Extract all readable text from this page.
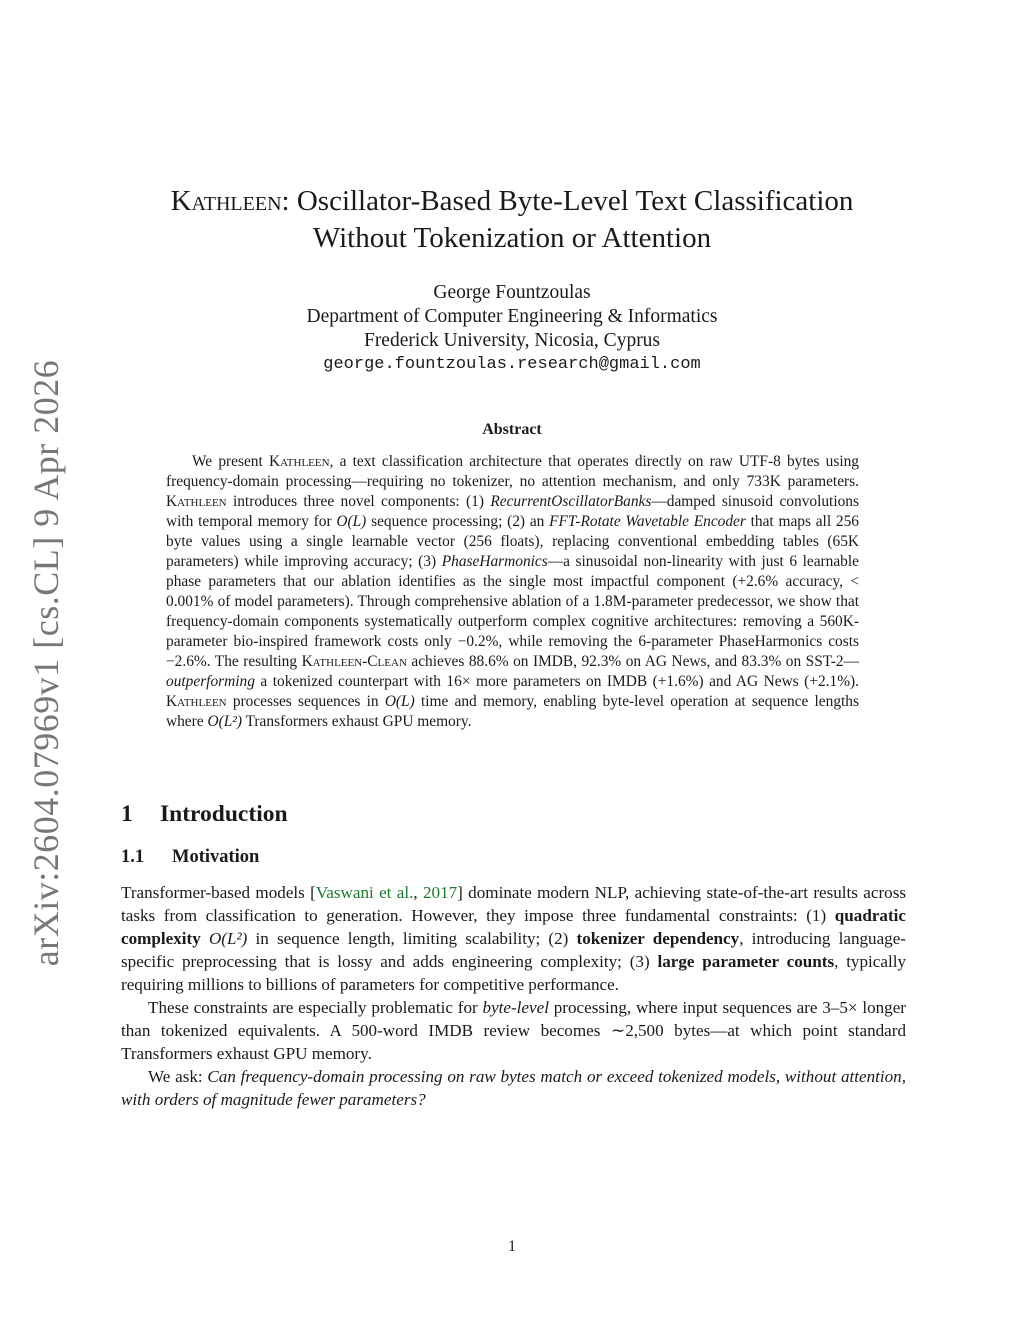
arXiv:2604.07969v1 [cs.CL] 9 Apr 2026
Kathleen: Oscillator-Based Byte-Level Text Classification
Without Tokenization or Attention
George Fountzoulas
Department of Computer Engineering & Informatics
Frederick University, Nicosia, Cyprus
george.fountzoulas.research@gmail.com
Abstract

We present Kathleen, a text classification architecture that operates directly on raw UTF-8 bytes using frequency-domain processing—requiring no tokenizer, no attention mechanism, and only 733K parameters. Kathleen introduces three novel components: (1) RecurrentOscillatorBanks—damped sinusoid convolutions with temporal memory for O(L) sequence processing; (2) an FFT-Rotate Wavetable Encoder that maps all 256 byte values using a single learnable vector (256 floats), replacing conventional embedding tables (65K parameters) while improving accuracy; (3) PhaseHarmonics—a sinusoidal non-linearity with just 6 learnable phase parameters that our ablation identifies as the single most impactful component (+2.6% accuracy, < 0.001% of model parameters). Through comprehensive ablation of a 1.8M-parameter predecessor, we show that frequency-domain components systematically outperform complex cognitive architectures: removing a 560K-parameter bio-inspired framework costs only −0.2%, while removing the 6-parameter PhaseHarmonics costs −2.6%. The resulting Kathleen-Clean achieves 88.6% on IMDB, 92.3% on AG News, and 83.3% on SST-2—outperforming a tokenized counterpart with 16× more parameters on IMDB (+1.6%) and AG News (+2.1%). Kathleen processes sequences in O(L) time and memory, enabling byte-level operation at sequence lengths where O(L²) Transformers exhaust GPU memory.

1 Introduction
1.1 Motivation

Transformer-based models [Vaswani et al., 2017] dominate modern NLP, achieving state-of-the-art results across tasks from classification to generation. However, they impose three fundamental constraints: (1) quadratic complexity O(L²) in sequence length, limiting scalability; (2) tokenizer dependency, introducing language-specific preprocessing that is lossy and adds engineering complexity; (3) large parameter counts, typically requiring millions to billions of parameters for competitive performance.

These constraints are especially problematic for byte-level processing, where input sequences are 3–5× longer than tokenized equivalents. A 500-word IMDB review becomes ∼2,500 bytes—at which point standard Transformers exhaust GPU memory.

We ask: Can frequency-domain processing on raw bytes match or exceed tokenized models, without attention, with orders of magnitude fewer parameters?

1
